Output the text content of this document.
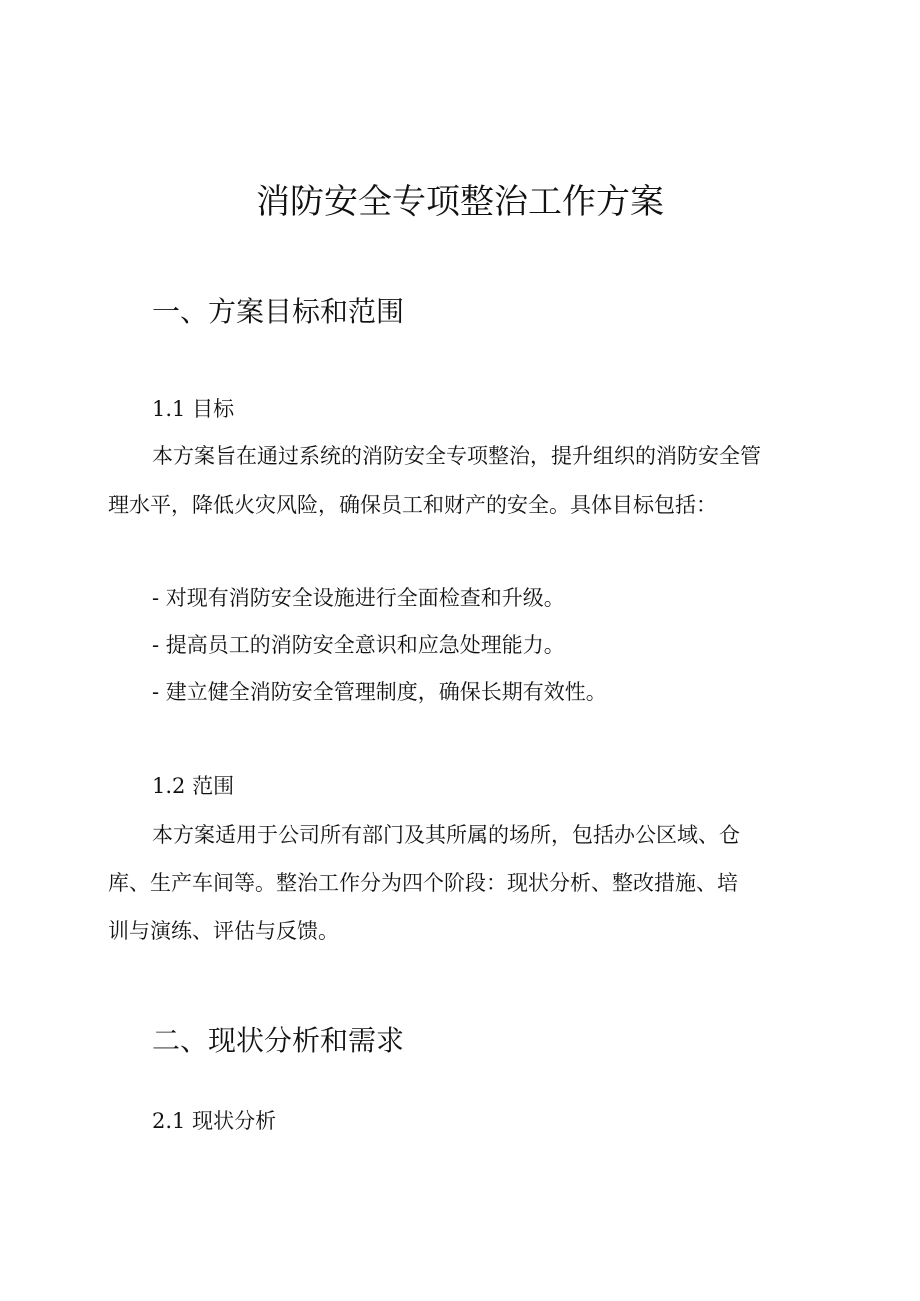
消防安全专项整治工作方案
一、方案目标和范围
1.1 目标
本方案旨在通过系统的消防安全专项整治，提升组织的消防安全管
理水平，降低火灾风险，确保员工和财产的安全。具体目标包括：
- 对现有消防安全设施进行全面检查和升级。
- 提高员工的消防安全意识和应急处理能力。
- 建立健全消防安全管理制度，确保长期有效性。
1.2 范围
本方案适用于公司所有部门及其所属的场所，包括办公区域、仓
库、生产车间等。整治工作分为四个阶段：现状分析、整改措施、培
训与演练、评估与反馈。
二、现状分析和需求
2.1 现状分析
